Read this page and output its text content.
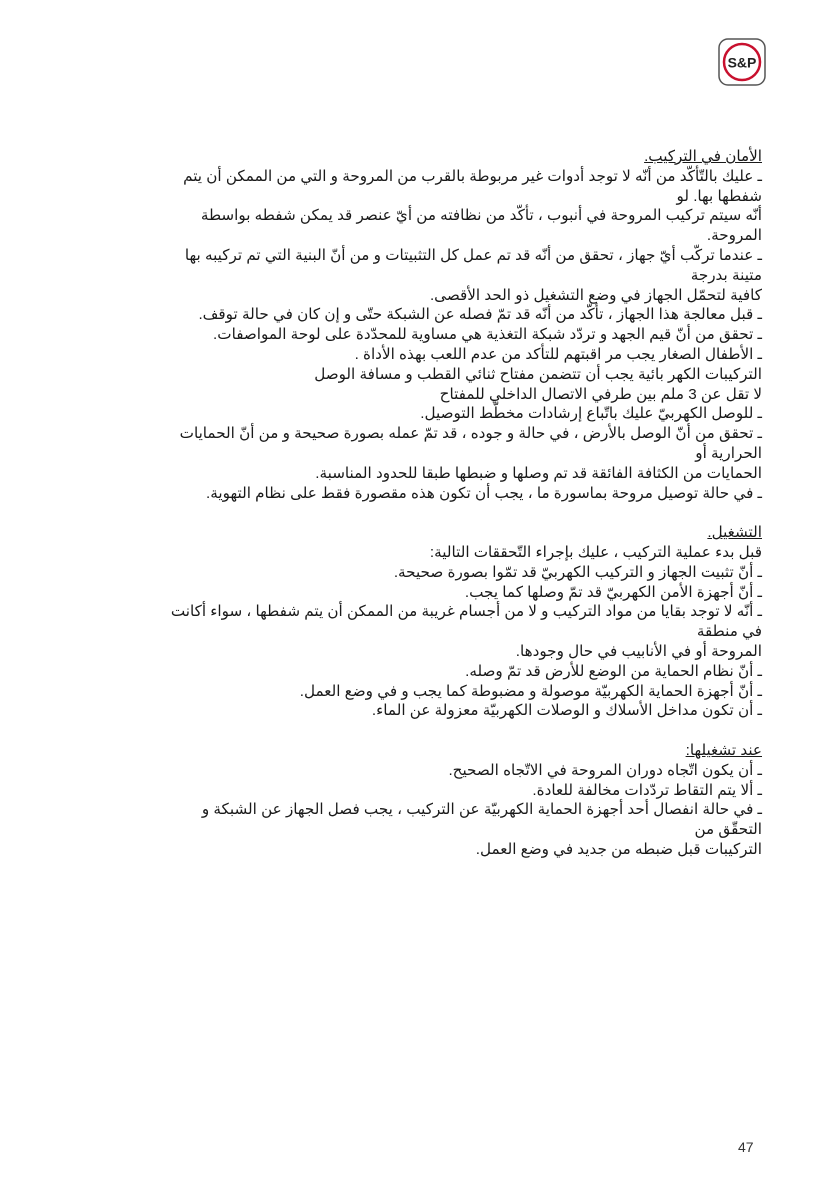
S&P
الأمان في التركيب.
ـ عليك بالتّأكّد من أنّه لا توجد أدوات غير مربوطة بالقرب من المروحة و التي من الممكن أن يتم
شفطها بها. لو
أنّه سيتم تركيب المروحة في أنبوب ، تأكّد من نظافته من أيّ عنصر قد يمكن شفطه بواسطة
المروحة.
ـ عندما تركّب أيّ جهاز ، تحقق من أنّه قد تم عمل كل التثبيتات و من أنّ البنية التي تم تركيبه بها
متينة بدرجة
كافية لتحمّل الجهاز في وضع التشغيل ذو الحد الأقصى.
ـ قبل معالجة هذا الجهاز ، تأكّد من أنّه قد تمّ فصله عن الشبكة حتّى و إن كان في حالة توقف.
ـ تحقق من أنّ قيم الجهد و تردّد شبكة التغذية هي مساوية للمحدّدة على لوحة المواصفات.
ـ الأطفال الصغار يجب مر اقبتهم للتأكد من عدم اللعب بهذه الأداة .
التركيبات الكهر بائية يجب أن تتضمن مفتاح ثنائي القطب و مسافة الوصل
لا تقل عن 3 ملم بين طرفي الاتصال الداخلي للمفتاح
ـ للوصل الكهربيّ عليك باتّباع إرشادات مخطّط التوصيل.
ـ تحقق من أنّ الوصل بالأرض ، في حالة و جوده ، قد تمّ عمله بصورة صحيحة و من أنّ الحمايات
الحرارية أو
الحمايات من الكثافة الفائقة قد تم وصلها و ضبطها طبقا للحدود المناسبة.
ـ في حالة توصيل مروحة بماسورة ما ، يجب أن تكون هذه مقصورة فقط على نظام التهوية.
التشغيل.
قبل بدء عملية التركيب ، عليك بإجراء التّحققات التالية:
ـ أنّ تثبيت الجهاز و التركيب الكهربيّ قد تمّوا بصورة صحيحة.
ـ أنّ أجهزة الأمن الكهربيّ قد تمّ وصلها كما يجب.
ـ أنّه لا توجد بقايا من مواد التركيب و لا من أجسام غريبة من الممكن أن يتم شفطها ، سواء أكانت
في منطقة
المروحة أو في الأنابيب في حال وجودها.
ـ أنّ نظام الحماية من الوضع للأرض قد تمّ وصله.
ـ أنّ أجهزة الحماية الكهربيّة موصولة و مضبوطة كما يجب و في وضع العمل.
ـ أن تكون مداخل الأسلاك و الوصلات الكهربيّة معزولة عن الماء.
عند تشغيلها:
ـ أن يكون اتّجاه دوران المروحة في الاتّجاه الصحيح.
ـ ألا يتم التقاط تردّدات مخالفة للعادة.
ـ في حالة انفصال أحد أجهزة الحماية الكهربيّة عن التركيب ، يجب فصل الجهاز عن الشبكة و
التحقّق من
التركيبات قبل ضبطه من جديد في وضع العمل.
47
